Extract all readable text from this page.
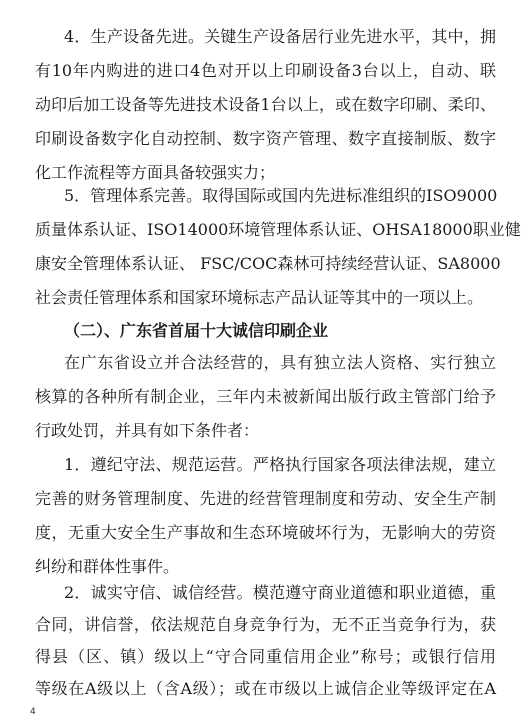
4．生产设备先进。关键生产设备居行业先进水平，其中，拥
有10年内购进的进口4色对开以上印刷设备3台以上，自动、联
动印后加工设备等先进技术设备1台以上，或在数字印刷、柔印、
印刷设备数字化自动控制、数字资产管理、数字直接制版、数字
化工作流程等方面具备较强实力；
5．管理体系完善。取得国际或国内先进标准组织的ISO9000
质量体系认证、ISO14000环境管理体系认证、OHSA18000职业健
康安全管理体系认证、 FSC/COC森林可持续经营认证、SA8000
社会责任管理体系和国家环境标志产品认证等其中的一项以上。
（二）、广东省首届十大诚信印刷企业
在广东省设立并合法经营的，具有独立法人资格、实行独立
核算的各种所有制企业，三年内未被新闻出版行政主管部门给予
行政处罚，并具有如下条件者：
1．遵纪守法、规范运营。严格执行国家各项法律法规，建立
完善的财务管理制度、先进的经营管理制度和劳动、安全生产制
度，无重大安全生产事故和生态环境破坏行为，无影响大的劳资
纠纷和群体性事件。
2．诚实守信、诚信经营。模范遵守商业道德和职业道德，重
合同，讲信誉，依法规范自身竞争行为，无不正当竞争行为，获
得县（区、镇）级以上“守合同重信用企业”称号；或银行信用
等级在A级以上（含A级）；或在市级以上诚信企业等级评定在A
4
